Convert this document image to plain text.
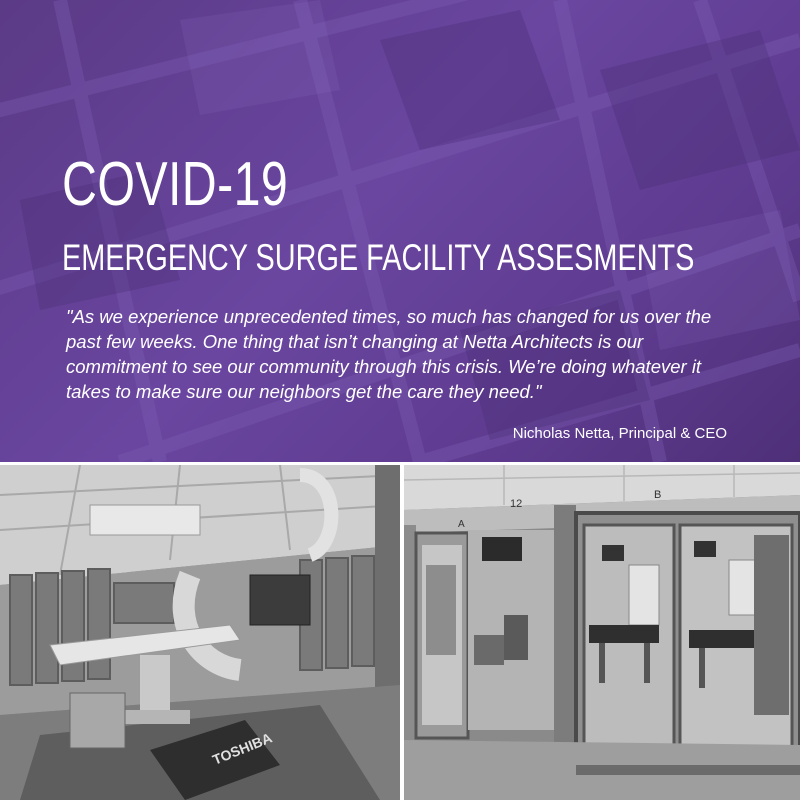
COVID-19
EMERGENCY SURGE FACILITY ASSESMENTS

"As we experience unprecedented times, so much has changed for us over the past few weeks. One thing that isn’t changing at Netta Architects is our commitment to see our community through this crisis. We’re doing whatever it takes to make sure our neighbors get the care they need."

Nicholas Netta, Principal & CEO

TOSHIBA
A
12
B
